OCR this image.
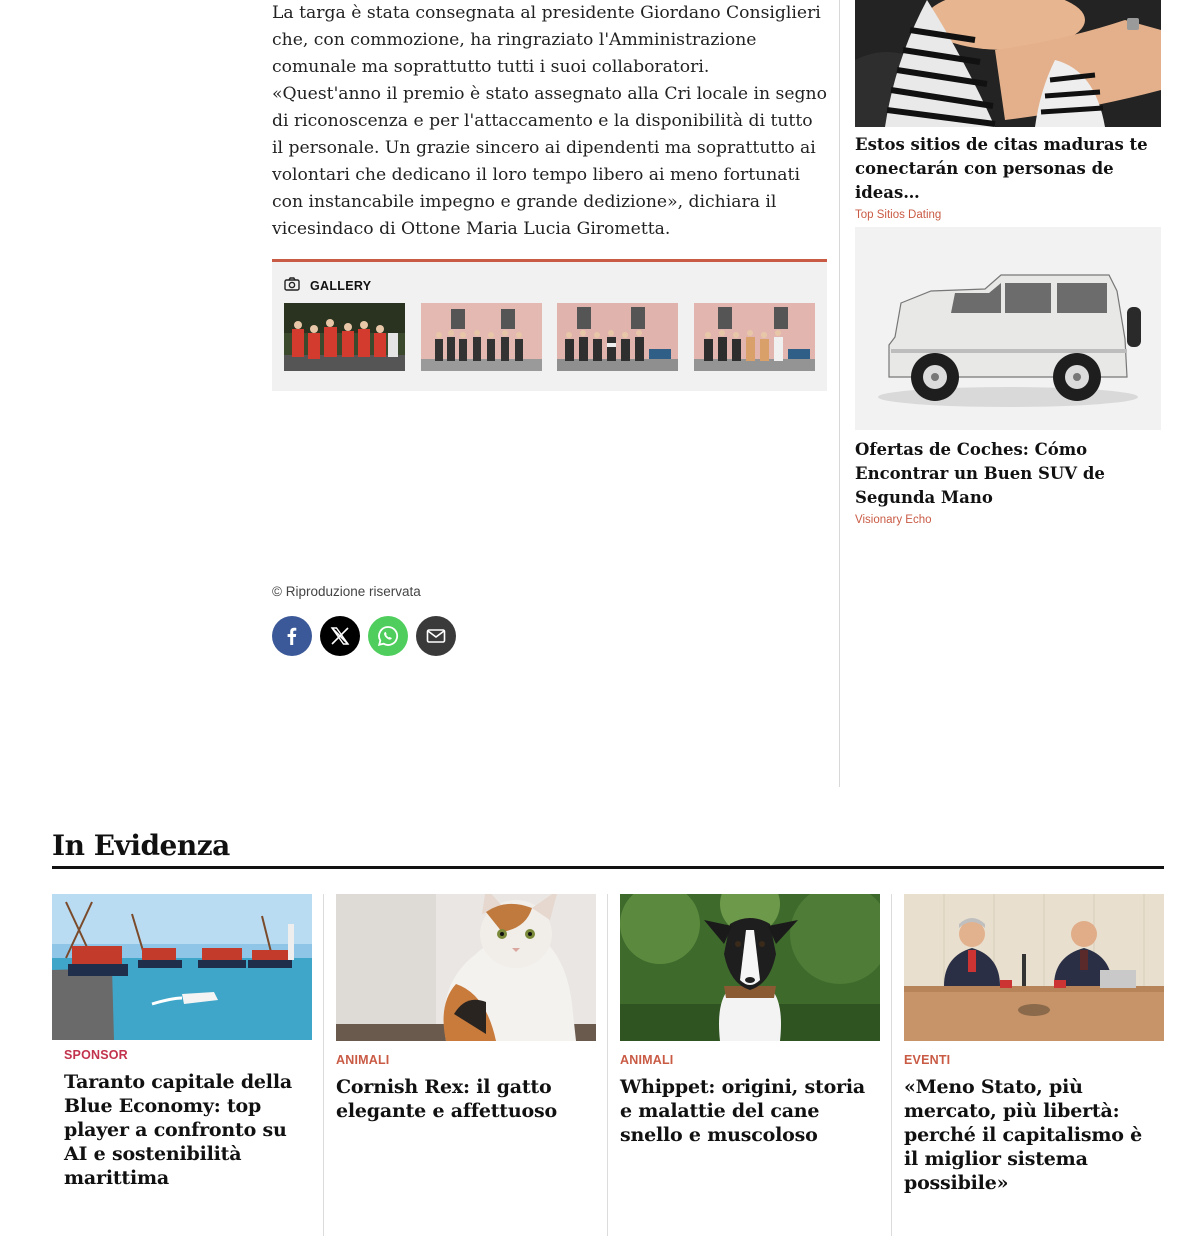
La targa è stata consegnata al presidente Giordano Consiglieri che, con commozione, ha ringraziato l'Amministrazione comunale ma soprattutto tutti i suoi collaboratori.

«Quest'anno il premio è stato assegnato alla Cri locale in segno di riconoscenza e per l'attaccamento e la disponibilità di tutto il personale. Un grazie sincero ai dipendenti ma soprattutto ai volontari che dedicano il loro tempo libero ai meno fortunati con instancabile impegno e grande dedizione», dichiara il vicesindaco di Ottone Maria Lucia Girometta.

GALLERY
© Riproduzione riservata
Estos sitios de citas maduras te conectarán con personas de ideas…
Top Sitios Dating
Ofertas de Coches: Cómo Encontrar un Buen SUV de Segunda Mano
Visionary Echo
In Evidenza
SPONSOR
Taranto capitale della Blue Economy: top player a confronto su AI e sostenibilità marittima
ANIMALI
Cornish Rex: il gatto elegante e affettuoso
ANIMALI
Whippet: origini, storia e malattie del cane snello e muscoloso
EVENTI
«Meno Stato, più mercato, più libertà: perché il capitalismo è il miglior sistema possibile»
